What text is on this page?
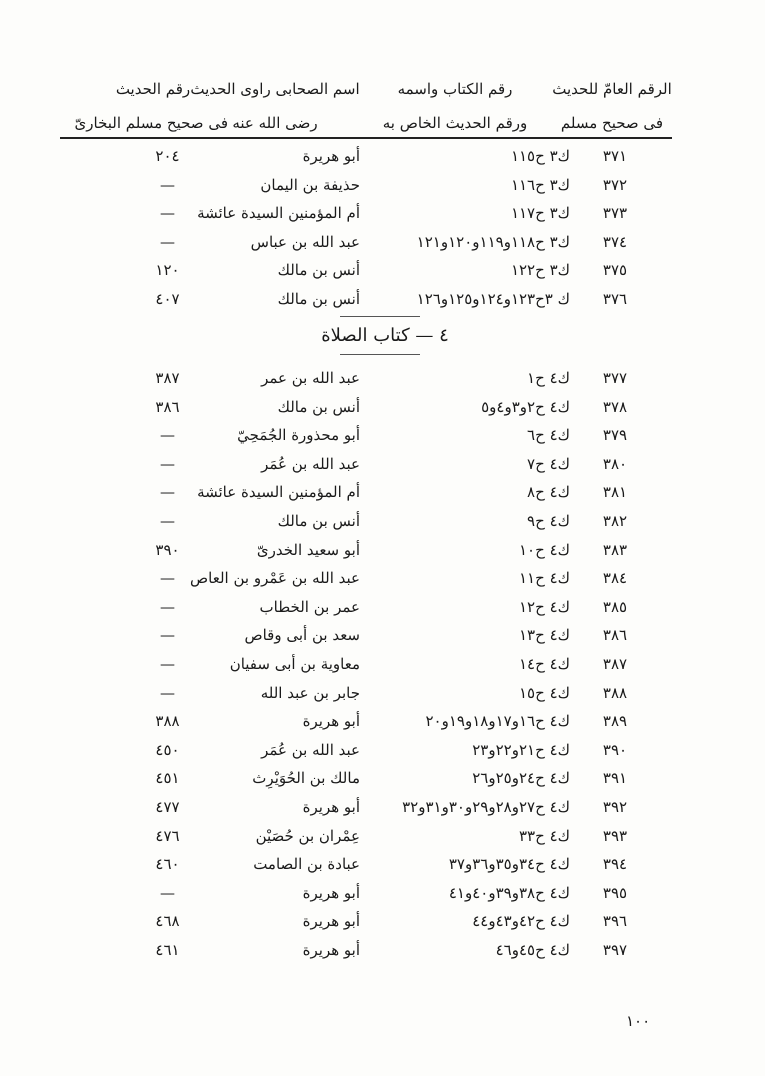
الرقم العامّ للحديث
فى صحيح مسلم
رقم الكتاب واسمه
ورقم الحديث الخاص به
اسم الصحابى راوى الحديث
رضى الله عنه
رقم الحديث
فى صحيح مسلم البخارىّ
٣٧١
ك٣ ح١١٥
أبو هريرة
٢٠٤
٣٧٢
ك٣ ح١١٦
حذيفة بن اليمان
—
٣٧٣
ك٣ ح١١٧
أم المؤمنين السيدة عائشة
—
٣٧٤
ك٣ ح١١٨و١١٩و١٢٠و١٢١
عبد الله بن عباس
—
٣٧٥
ك٣ ح١٢٢
أنس بن مالك
١٢٠
٣٧٦
ك ٣ح١٢٣و١٢٤و١٢٥و١٢٦
أنس بن مالك
٤٠٧
٤ — كتاب الصلاة
٣٧٧
ك٤ ح١
عبد الله بن عمر
٣٨٧
٣٧٨
ك٤ ح٢و٣و٤و٥
أنس بن مالك
٣٨٦
٣٧٩
ك٤ ح٦
أبو محذورة الجُمَحِيّ
—
٣٨٠
ك٤ ح٧
عبد الله بن عُمَر
—
٣٨١
ك٤ ح٨
أم المؤمنين السيدة عائشة
—
٣٨٢
ك٤ ح٩
أنس بن مالك
—
٣٨٣
ك٤ ح١٠
أبو سعيد الخدرىّ
٣٩٠
٣٨٤
ك٤ ح١١
عبد الله بن عَمْرو بن العاص
—
٣٨٥
ك٤ ح١٢
عمر بن الخطاب
—
٣٨٦
ك٤ ح١٣
سعد بن أبى وقاص
—
٣٨٧
ك٤ ح١٤
معاوية بن أبى سفيان
—
٣٨٨
ك٤ ح١٥
جابر بن عبد الله
—
٣٨٩
ك٤ ح١٦و١٧و١٨و١٩و٢٠
أبو هريرة
٣٨٨
٣٩٠
ك٤ ح٢١و٢٢و٢٣
عبد الله بن عُمَر
٤٥٠
٣٩١
ك٤ ح٢٤و٢٥و٢٦
مالك بن الحُوَيْرِث
٤٥١
٣٩٢
ك٤ ح٢٧و٢٨و٢٩و٣٠و٣١و٣٢
أبو هريرة
٤٧٧
٣٩٣
ك٤ ح٣٣
عِمْران بن حُصَيْن
٤٧٦
٣٩٤
ك٤ ح٣٤و٣٥و٣٦و٣٧
عبادة بن الصامت
٤٦٠
٣٩٥
ك٤ ح٣٨و٣٩و٤٠و٤١
أبو هريرة
—
٣٩٦
ك٤ ح٤٢و٤٣و٤٤
أبو هريرة
٤٦٨
٣٩٧
ك٤ ح٤٥و٤٦
أبو هريرة
٤٦١
١٠٠
